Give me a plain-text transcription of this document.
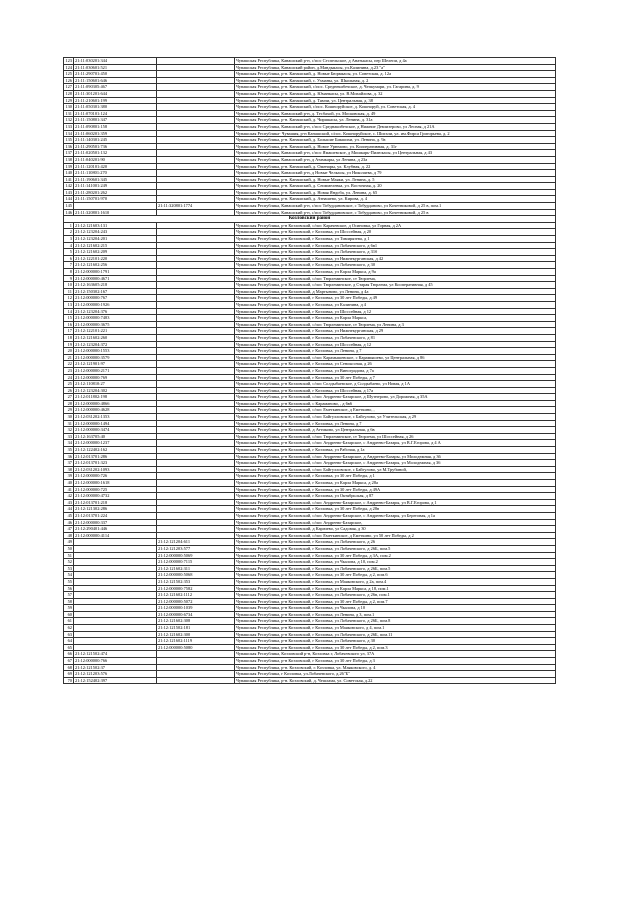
123	21:11:030201:344		Чувашская Республика, Канашский р-н, с/пос Сеспельское, д Анатькасы, пер Шелепи, д 4а
124	21:11:030601:521		Чувашская Республика, Канашский район, д.Мандыкасы, ул.Калинина, д.23 "а"
125	21:11:290701:450		Чувашская Республика, р-н. Канашский, д. Новые Бюрмкасы, ул. Советская, д. 12а
126	21:11:150601:646		Чувашская Республика, р-н. Канашский, с. Ухманы, ул. Школьная, д. 2
127	21:11:090305:467		Чувашская Республика, р-н. Канашский, с/пос. Среднекибечское, д. Чепкумари, ул. Гагарина, д. 9
128	21:11:301201:644		Чувашская Республика, р-н. Канашский, д. Юманкасы, ул. В.Михайлова, д. 32
129	21:11:210601:199		Чувашская Республика, р-н. Канашский, д. Тямчи, ул. Центральная, д. 38
130	21:11:050301:380		Чувашская Республика, р-н. Канашский, с/пос. Кошноруйское, д. Кошноруй, ул. Советская, д. 4
131	21:11:070101:124		Чувашская Республика, Канашский р-н, д. Тесбахой, ул. Московская, д. 49
132	21:11:150801:347		Чувашская Республика, р-н. Канашский, д. Чиршкасы, ул. Ленина, д. 31а
133	21:11:090801:158		Чувашская Республика, Канашский р-н, с/пос Среднакибечское, д Нижние Девлизерово, ул Лесная, д 21А
134	21:11:060201:359		Чувашская Республика- Чувашия, р-н Канашский, с/пос. Кошноруйское, с. Шигали, ул. им.Фирса Григорьева, д. 2
135	21:11:140301:245		Чувашская Республика, р-н. Канашский, д. Большие Бикшихи, ул. Ленина, д. 9а
136	21:11:290501:736		Чувашская Республика, р-н. Канашский, д. Новое Урюмово, ул. Кооперативная, д. 31г
137	21:11:020501:132		Чувашская Республика, Канашский р-н, с/пос Ямашевское, д Мишкарь-Пилюкасы, ул Центральная, д 43
138	21:11:040201:90		Чувашская Республика, Канашский р-н, д Атамкары, ул Ленина, д 23а
139	21:11:120101:420		Чувашская Республика, р-н. Канашский, д. Оженары, ул. Клубная, д. 22
140	21:11:110801:270		Чувашская Республика, Канашский р-н, д Новые Челкасы, ул Николаева, д 79
141	21:11:190601:345		Чувашская Республика, р-н. Канашский, д. Новые Маяки, ул. Ленина, д. 5
142	21:11:141001:249		Чувашская Республика, р-н. Канашский, д. Сеиммелевка, ул. Восточная, д. 20
143	21:11:280201:262		Чувашская Республика, р-н. Канашский, д. Новая Яндоба, ул. Ленина, д. 65
144	21:11:150701:970		Чувашская Республика, р-н. Канашский, д. Атнашево, ул. Кирова, д. 4
145		21:11:320801:1774	Чувашская Республика, Канашский р-н, с/пос Тобурдановское, с Тобурданово, ул Кочетниковой, д 25 в, пом.1
146	21:11:320801:1610		Чувашская Республика, Канашский р-н, с/пос Тобурдановское, с Тобурданово, ул Кочетниковой, д 25 в
Козловский район			
1	21:12:121603:131		Чувашская Республика, р-н Козловский, с/пос Карачевское, д Осиновка, ул Горная, д 2А
2	21:12:123204:243		Чувашская Республика, р-н Козловский, г Козловка, ул Шоссейная, д 20
3	21:12:123204:201		Чувашская Республика, р-н Козловский, г Козловка, ул Тимирязева, д 1
4	21:12:121602:215		Чувашская Республика, р-н Козловский, г Козловка, ул Лобачевского, д 6в1
5	21:12:121602:209		Чувашская Республика, р-н Козловский, г Козловка, ул Лобачевского, д 31б
6	21:12:122101:220		Чувашская Республика, р-н Козловский, г Козловка, ул Нижнекурганская, д 42
7	21:12:121602:256		Чувашская Республика, р-н Козловский, г Козловка, ул Лобачевского, д 30
8	21:12:000000:1791		Чувашская Республика, р-н Козловский, г Козловка, ул Карла Маркса, д 9а
9	21:12:000000:4671		Чувашская Республика, р-н Козловский, с/пос Тюрлеминское, ст Тюрлема,
10	21:12:163605:218		Чувашская Республика, р-н Козловский, с/пос Тюрлеминское, д Старая Тюрлема, ул Кооперативная, д 45
11	21:12:150302:167		Чувашская Республика, р-н Козловский, д Мартыново, ул Ленина, д 4а
12	21:12:000000:767		Чувашская Республика, р-н Козловский, г Козловка, ул 30 лет Победы, д 49
13	21:12:000000:1926		Чувашская Республика, р-н Козловский, г Козловка, ул Калинина, д 4
14	21:12:123204:376		Чувашская Республика, р-н Козловский, г Козловка, ул Шоссейная, д 12
15	21:12:000000:7483		Чувашская Республика, р-н Козловский, г Козловка, ул Карла Маркса,
16	21:12:000000:3675		Чувашская Республика, р-н Козловский, с/пос Тюрлеминское, ст Тюрлема, ул Ленина, д 3
17	21:12:122101:221		Чувашская Республика, р-н Козловский, г Козловка, ул Нижнекурганская, д 29
18	21:12:121602:260		Чувашская Республика, р-н Козловский, г Козловка, ул Лобачевского, д 81
19	21:12:123204:372		Чувашская Республика, р-н Козловский, г Козловка, ул Шоссейная, д 12
20	21:12:000000:1553		Чувашская Республика, р-н Козловский, г Козловка, ул Ленина, д 7
21	21:12:000000:3579		Чувашская Республика, р-н Козловский, с/пос Карамышевское, с Карамышево, ул Центральная, д 86
22	21:12:121901:97		Чувашская Республика, р-н Козловский, г Козловка, ул Сенокосная, д 26
23	21:12:000000:2171		Чувашская Республика, р-н Козловский, г Козловка, ул Виноградова, д 7а
24	21:12:000000:769		Чувашская Республика, р-н Козловский, г Козловка, ул 30 лет Победы, д 7
25	21:12:110810:27		Чувашская Республика, р-н Козловский, с/пос Солдыбаевское, д Солдыбаево, ул Новая, д 1А
26	21:12:123204:302		Чувашская Республика, р-н Козловский, г Козловка, ул Шоссейная, д 17а
27	21:12:011802:198		Чувашская Республика, р-н Козловский, с/пос Андреево-Базарское, д Шутнерово, ул Дорожная, д 35А
28	21:12:000000:4866		Чувашская Республика, р-н Козловский, с Караманово, , д 6в6
29	21:12:000000:4628		Чувашская Республика, р-н Козловский, с/пос Еметкинское, д Еметкино, ,
30	21:12:031202:1353		Чувашская Республика, р-н Козловский, с/пос Байгулловское, с Байгулово, ул Учительская, д 29
31	21:12:000000:1494		Чувашская Республика, р-н Козловский, г Козловка, ул Ленина, д 7
32	21:12:000000:3474		Чувашская Республика, р-н Козловский, д Аттиково, ул Центральная, д 6в
33	21:12:163705:40		Чувашская Республика, р-н Козловский, с/пос Тюрлеминское, ст Тюрлема, ул Шоссейная, д 26
34	21:12:000000:1237		Чувашская Республика, р-н Козловский, с/пос Андреево-Базарское, с Андреево-Базары, ул В.Г.Егорова, д 4 А
35	21:12:122402:162		Чувашская Республика, р-н Козловский, г Козловка, ул Рабочая, д 1а
36	21:12:013701:286		Чувашская Республика, р-н Козловский, с/пос Андреево-Базарское, д Андреево-Базары, ул Молодежная, д 36
37	21:12:013701:323		Чувашская Республика, р-н Козловский, с/пос Андреево-Базарское, с Андреево-Базары, ул Молодежная, д 36
38	21:12:031202:1093		Чувашская Республика, р-н Козловский, с/пос Байгулловское, с Байгулово, ул М.Трубиной,
39	21:12:000000:726		Чувашская Республика, р-н Козловский, г Козловка, ул 30 лет Победы, д 1
40	21:12:000000:1618		Чувашская Республика, р-н Козловский, г Козловка, ул Карла Маркса, д 28а
41	21:12:000000:725		Чувашская Республика, р-н Козловский, г Козловка, ул 30 лет Победы, д 49А
42	21:12:000000:4732		Чувашская Республика, р-н Козловский, г Козловка, ул Октябрьская, д 87
43	21:12:013701:218		Чувашская Республика, р-н Козловский, с/пос Андреево-Базарское, с Андреево-Базары, ул В.Г.Егорова, д 1
44	21:12:121302:286		Чувашская Республика, р-н Козловский, г Козловка, ул 30 лет Победы, д 28в
45	21:12:013701:224		Чувашская Республика, р-н Козловский, с/пос Андреево-Базарское, с Андреево-Базары, ул Береговая, д 1а
46	21:12:000000:337		Чувашская Республика, р-н Козловский, с/пос Андреево-Базарское,
47	21:12:290401:446		Чувашская Республика, р-н Козловский, д Карачево, ул Садовая, д 30
48	21:12:000000:4114		Чувашская Республика, р-н Козловский, с/пос Еметкинское, д Еметкино, ул 50 лет Победы, д 2
49		21:12:121204:611	Чувашская Республика, р-н Козловский, г Козловка, ул Лобачевского, д 26
50		21:12:121203:577	Чувашская Республика, р-н Козловский, г Козловка, ул Лобачевского, д 26Б, пом.5
51		21:12:000000:5069	Чувашская Республика, р-н Козловский, г Козловка, ул 30 лет Победы, д 3А, пом.2
52		21:12:000000:7115	Чувашская Республика, р-н Козловский, г Козловка, ул Чкалова, д 10, пом.2
53		21:12:121602:311	Чувашская Республика, р-н Козловский, г Козловка, ул Лобачевского, д 26Б, пом.5
54		21:12:000000:5068	Чувашская Республика, р-н Козловский, г Козловка, ул 30 лет Победы, д 2, пом.6
55		21:12:121502:353	Чувашская Республика, р-н Козловский, г Козловка, ул Маяковского, д 2а, пом.4
56		21:12:000000:7582	Чувашская Республика, р-н Козловский, г Козловка, ул Карла Маркса, д 18, пом.1
57		21:12:121602:1112	Чувашская Республика, р-н Козловский, г Козловка, ул Лобачевского, д 26в, пом.1
58		21:12:000000:5072	Чувашская Республика, р-н Козловский, г Козловка, ул 30 лет Победы, д 2, пом.7
59		21:12:000000:1039	Чувашская Республика, р-н Козловский, г Козловка, ул Чкалова, д 10
60		21:12:000000:6734	Чувашская Республика, р-н Козловский, г Козловка, ул Ленина, д 3, пом.1
61		21:12:121602:308	Чувашская Республика, р-н Козловский, г Козловка, ул Лобачевского, д 26Б, пом.8
62		21:12:121502:181	Чувашская Республика, р-н Козловский, г Козловка, ул Маяковского, д 4, пом.1
63		21:12:121602:300	Чувашская Республика, р-н Козловский, г Козловка, ул Лобачевского, д 26Б, пом.11
64		21:12:121602:1119	Чувашская Республика, р-н Козловский, г Козловка, ул Лобачевского, д 30
65		21:12:000000:5080	Чувашская Республика, р-н Козловский, г Козловка, ул 30 лет Победы, д 2, пом.3
66	21:12:121502:474		Чувашская Республика, Козловский р-н, Козловка г, Лобачевского ул, 37А
67	21:12:000000:766		Чувашская Республика, р-н Козловский, г Козловка, ул 30 лет Победы, д 3
68	21:12:121502:37		Чувашская Республика, р-н. Козловский, г. Козловка, ул. Маяковского, д. 4
69	21:12:121203:576		Чувашская Республика, г Козловка, ул.Лобачевского, д.26"Б"
70	21:12:152402:397		Чувашская Республика, р-н. Козловский, д. Чешлама, ул. Советская, д.22
